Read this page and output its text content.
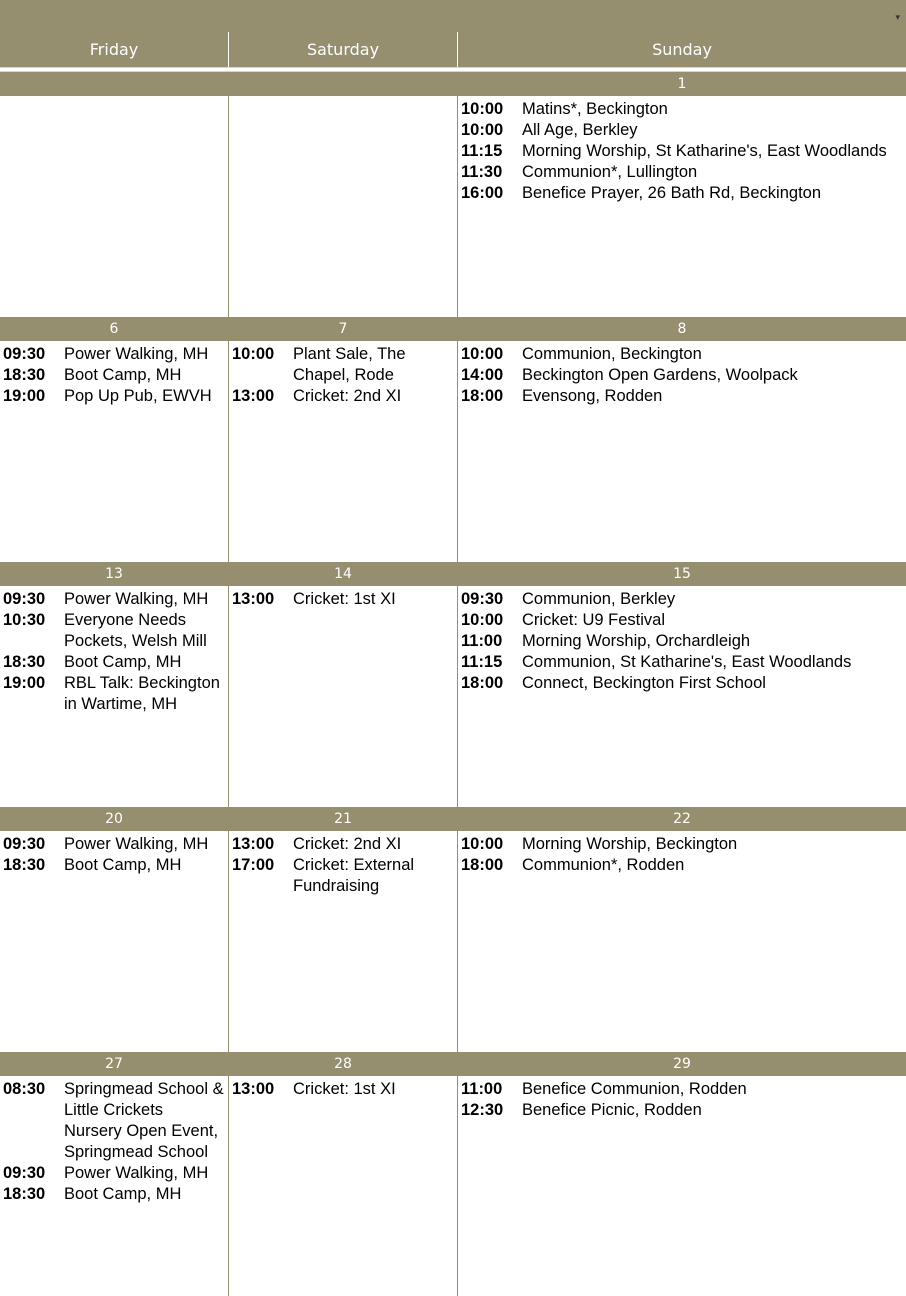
▾
Friday	Saturday	Sunday
1
10:00	Matins*, Beckington
10:00	All Age, Berkley
11:15	Morning Worship, St Katharine's, East Woodlands
11:30	Communion*, Lullington
16:00	Benefice Prayer, 26 Bath Rd, Beckington
6
09:30	Power Walking, MH
18:30	Boot Camp, MH
19:00	Pop Up Pub, EWVH
7
10:00	Plant Sale, The Chapel, Rode
13:00	Cricket: 2nd XI
8
10:00	Communion, Beckington
14:00	Beckington Open Gardens, Woolpack
18:00	Evensong, Rodden
13
09:30	Power Walking, MH
10:30	Everyone Needs Pockets, Welsh Mill
18:30	Boot Camp, MH
19:00	RBL Talk: Beckington in Wartime, MH
14
13:00	Cricket: 1st XI
15
09:30	Communion, Berkley
10:00	Cricket: U9 Festival
11:00	Morning Worship, Orchardleigh
11:15	Communion, St Katharine's, East Woodlands
18:00	Connect, Beckington First School
20
09:30	Power Walking, MH
18:30	Boot Camp, MH
21
13:00	Cricket: 2nd XI
17:00	Cricket: External Fundraising
22
10:00	Morning Worship, Beckington
18:00	Communion*, Rodden
27
08:30	Springmead School & Little Crickets Nursery Open Event, Springmead School
09:30	Power Walking, MH
18:30	Boot Camp, MH
28
13:00	Cricket: 1st XI
29
11:00	Benefice Communion, Rodden
12:30	Benefice Picnic, Rodden
